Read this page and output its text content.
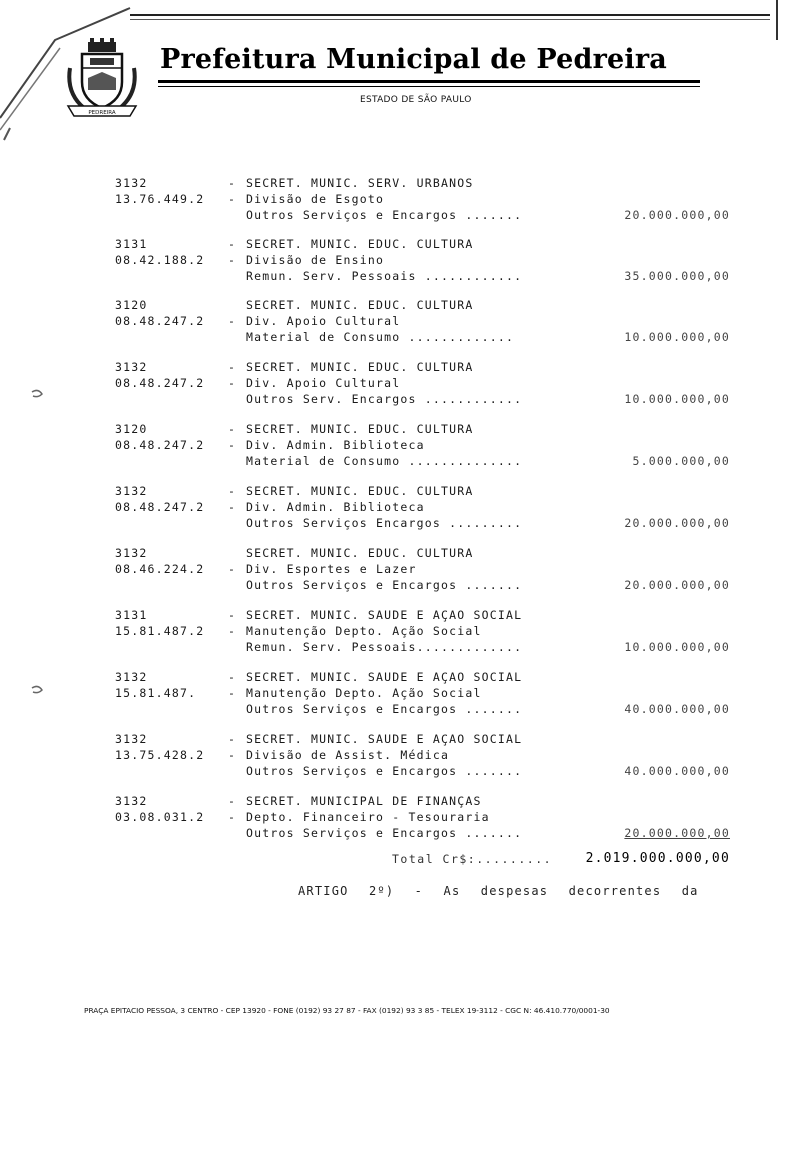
PEDREIRA
Prefeitura Municipal de Pedreira
ESTADO DE SÃO PAULO
3132	- SECRET. MUNIC. SERV. URBANOS
13.76.449.2 - Divisão de Esgoto
Outros Serviços e Encargos .......	20.000.000,00
3131	- SECRET. MUNIC. EDUC. CULTURA
08.42.188.2 - Divisão de Ensino
Remun. Serv. Pessoais ............	35.000.000,00
3120	SECRET. MUNIC. EDUC. CULTURA
08.48.247.2 - Div. Apoio Cultural
Material de Consumo .............	10.000.000,00
3132	- SECRET. MUNIC. EDUC. CULTURA
08.48.247.2 - Div. Apoio Cultural
Outros Serv. Encargos ............	10.000.000,00
3120	- SECRET. MUNIC. EDUC. CULTURA
08.48.247.2 - Div. Admin. Biblioteca
Material de Consumo ..............	5.000.000,00
3132	- SECRET. MUNIC. EDUC. CULTURA
08.48.247.2 - Div. Admin. Biblioteca
Outros Serviços Encargos .........	20.000.000,00
3132	SECRET. MUNIC. EDUC. CULTURA
08.46.224.2 - Div. Esportes e Lazer
Outros Serviços e Encargos .......	20.000.000,00
3131	- SECRET. MUNIC. SAUDE E AÇAO SOCIAL
15.81.487.2 - Manutenção Depto. Ação Social
Remun. Serv. Pessoais.............	10.000.000,00
3132	- SECRET. MUNIC. SAUDE E AÇAO SOCIAL
15.81.487.	- Manutenção Depto. Ação Social
Outros Serviços e Encargos .......	40.000.000,00
3132	- SECRET. MUNIC. SAUDE E AÇAO SOCIAL
13.75.428.2 - Divisão de Assist. Médica
Outros Serviços e Encargos .......	40.000.000,00
3132	- SECRET. MUNICIPAL DE FINANÇAS
03.08.031.2 - Depto. Financeiro - Tesouraria
Outros Serviços e Encargos .......	20.000.000,00
Total Cr$:.........	2.019.000.000,00
ARTIGO 2º) - As despesas decorrentes da
PRAÇA EPITACIO PESSOA, 3 CENTRO - CEP 13920 - FONE (0192) 93 27 87 - FAX (0192) 93 3 85 - TELEX 19-3112 - CGC N: 46.410.770/0001-30
